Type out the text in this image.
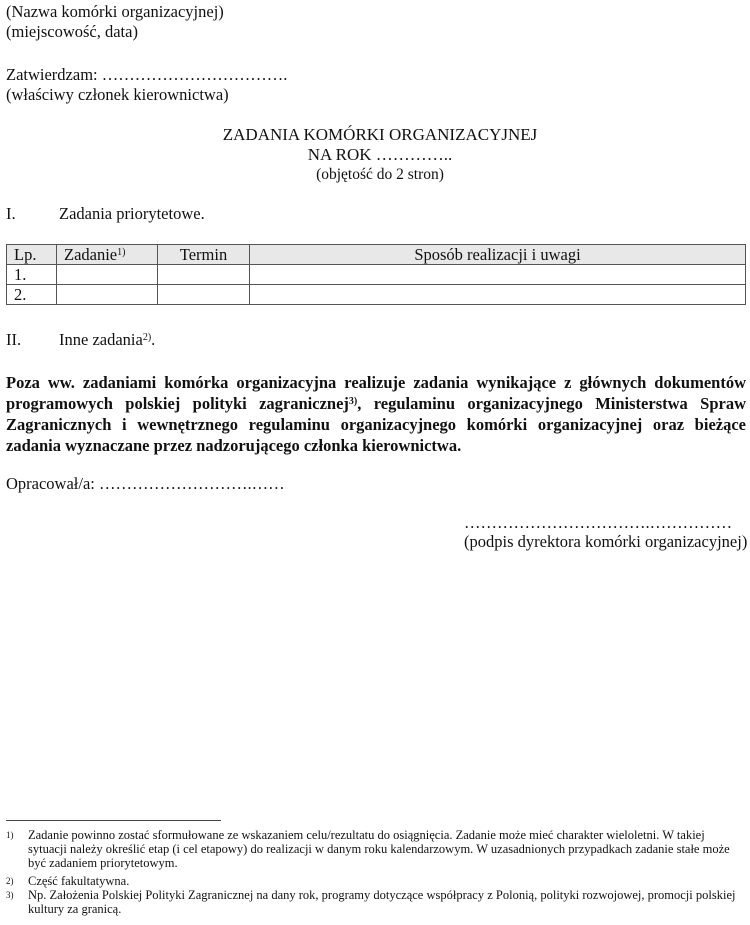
(Nazwa komórki organizacyjnej)
(miejscowość, data)
Zatwierdzam: …………………………….
(właściwy członek kierownictwa)
ZADANIA KOMÓRKI ORGANIZACYJNEJ
NA ROK …………..
(objętość do 2 stron)
I.	Zadania priorytetowe.
Lp.	Zadanie$^{1)}$	Termin	Sposób realizacji i uwagi
1.			
2.			
II. Inne zadania$^{2)}$.
Poza ww. zadaniami komórka organizacyjna realizuje zadania wynikające z głównych dokumentów programowych polskiej polityki zagranicznej$^{3)}$, regulaminu organizacyjnego Ministerstwa Spraw Zagranicznych i wewnętrznego regulaminu organizacyjnego komórki organizacyjnej oraz bieżące zadania wyznaczane przez nadzorującego członka kierownictwa.
Opracował/a: ……………………….……
…………………………….……………
(podpis dyrektora komórki organizacyjnej)
1) Zadanie powinno zostać sformułowane ze wskazaniem celu/rezultatu do osiągnięcia. Zadanie może mieć charakter wieloletni. W takiej sytuacji należy określić etap (i cel etapowy) do realizacji w danym roku kalendarzowym. W uzasadnionych przypadkach zadanie stałe może być zadaniem priorytetowym.
2) Część fakultatywna.
3) Np. Założenia Polskiej Polityki Zagranicznej na dany rok, programy dotyczące współpracy z Polonią, polityki rozwojowej, promocji polskiej kultury za granicą.
